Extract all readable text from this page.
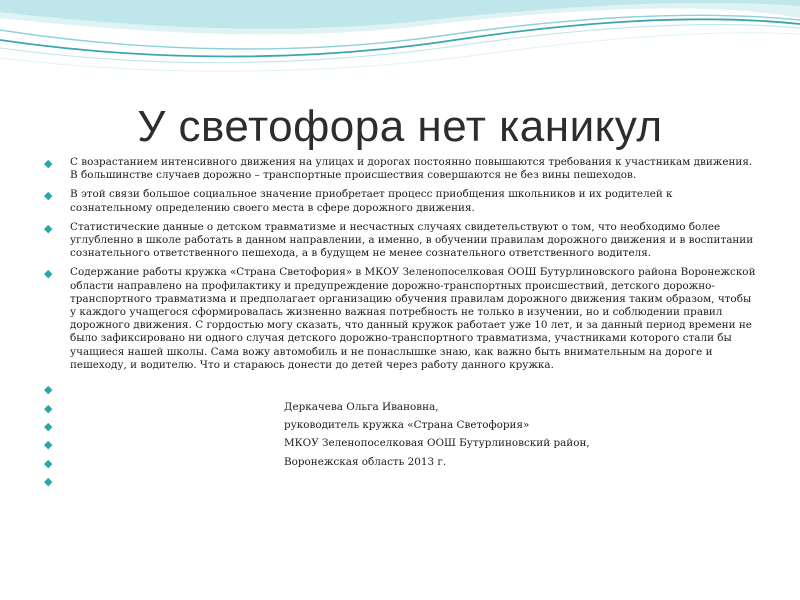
У светофора нет каникул
◆ С возрастанием интенсивного движения на улицах и дорогах постоянно повышаются требования к участникам движения. В большинстве случаев дорожно – транспортные происшествия совершаются не без вины пешеходов.
◆ В этой связи большое социальное значение приобретает процесс приобщения школьников и их родителей к сознательному определению своего места в сфере дорожного движения.
◆ Статистические данные о детском травматизме и несчастных случаях свидетельствуют о том, что необходимо более углубленно в школе работать в данном направлении, а именно, в обучении правилам дорожного движения и в воспитании сознательного ответственного пешехода, а в будущем не менее сознательного ответственного водителя.
◆ Содержание работы кружка «Страна Светофория» в МКОУ Зеленопоселковая ООШ Бутурлиновского района Воронежской области направлено на профилактику и предупреждение дорожно-транспортных происшествий, детского дорожно-транспортного травматизма и предполагает организацию обучения правилам дорожного движения таким образом, чтобы у каждого учащегося сформировалась жизненно важная потребность не только в изучении, но и соблюдении правил дорожного движения. С гордостью могу сказать, что данный кружок работает уже 10 лет, и за данный период времени не было зафиксировано ни одного случая детского дорожно-транспортного травматизма, участниками которого стали бы учащиеся нашей школы. Сама вожу автомобиль и не понаслышке знаю, как важно быть внимательным на дороге и пешеходу, и водителю. Что и стараюсь донести до детей через работу данного кружка.
◆
◆	Деркачева Ольга Ивановна,
◆	руководитель кружка «Страна Светофория»
◆	МКОУ Зеленопоселковая ООШ Бутурлиновский район,
◆	Воронежская область 2013 г.
◆
